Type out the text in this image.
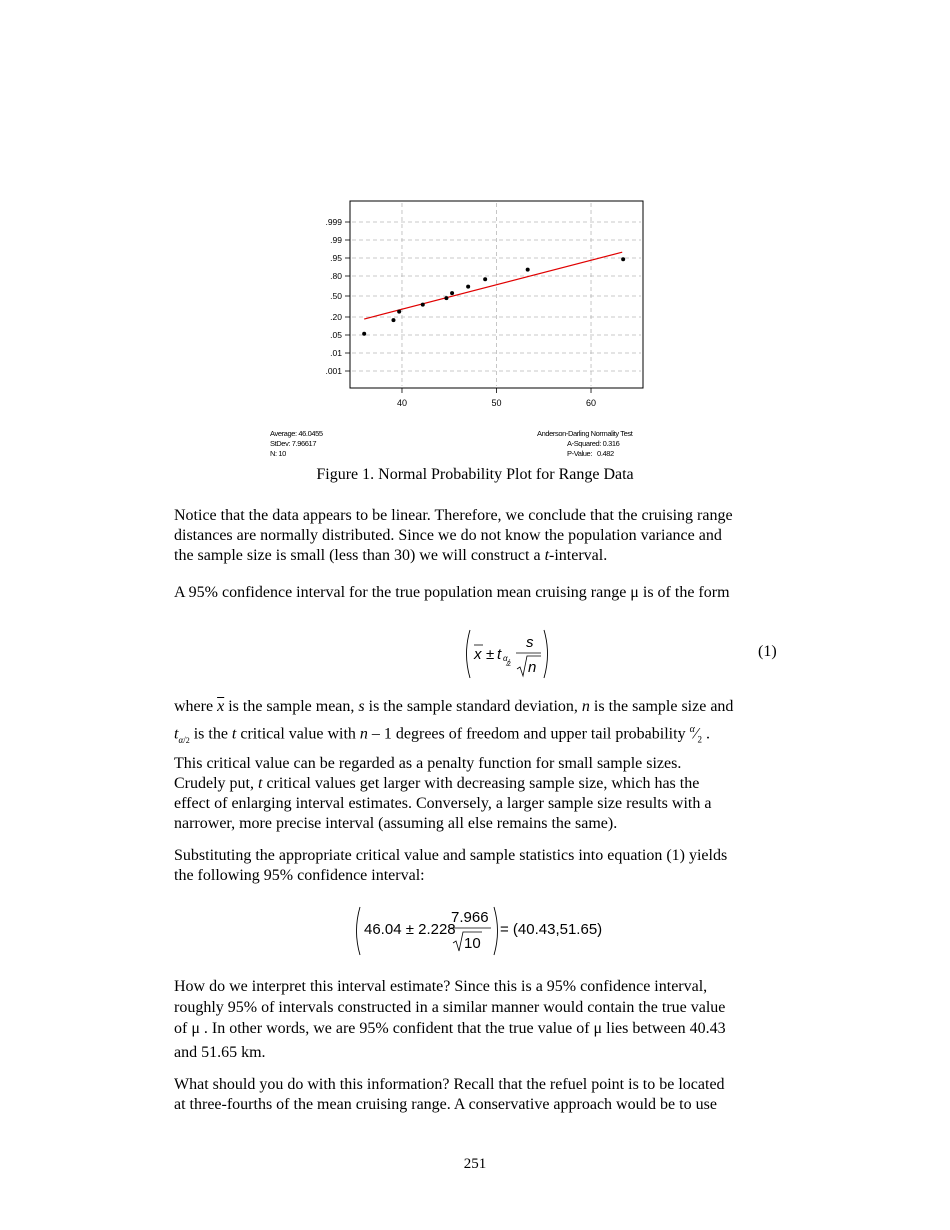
.999
.99
.95
.80
.50
.20
.05
.01
.001
40	50	60
Average: 46.0455
StDev: 7.96617
N: 10
Anderson-Darling Normality Test
A-Squared: 0.316
P-Value:   0.482
Figure 1. Normal Probability Plot for Range Data
Notice that the data appears to be linear. Therefore, we conclude that the cruising range
distances are normally distributed. Since we do not know the population variance and
the sample size is small (less than 30) we will construct a t-interval.
A 95% confidence interval for the true population mean cruising range μ is of the form
x ± t α
2
s
n
(1)
where $\overline{x}$ is the sample mean, s is the sample standard deviation, n is the sample size and
$t_{\alpha/2}$ is the t critical value with n – 1 degrees of freedom and upper tail probability $^\alpha⁄_2$ .
This critical value can be regarded as a penalty function for small sample sizes.
Crudely put, t critical values get larger with decreasing sample size, which has the
effect of enlarging interval estimates. Conversely, a larger sample size results with a
narrower, more precise interval (assuming all else remains the same).
Substituting the appropriate critical value and sample statistics into equation (1) yields
the following 95% confidence interval:
46.04 ± 2.228
7.966
10
= (40.43,51.65)
How do we interpret this interval estimate? Since this is a 95% confidence interval,
roughly 95% of intervals constructed in a similar manner would contain the true value
of μ . In other words, we are 95% confident that the true value of μ lies between 40.43
and 51.65 km.
What should you do with this information? Recall that the refuel point is to be located
at three-fourths of the mean cruising range. A conservative approach would be to use
251
